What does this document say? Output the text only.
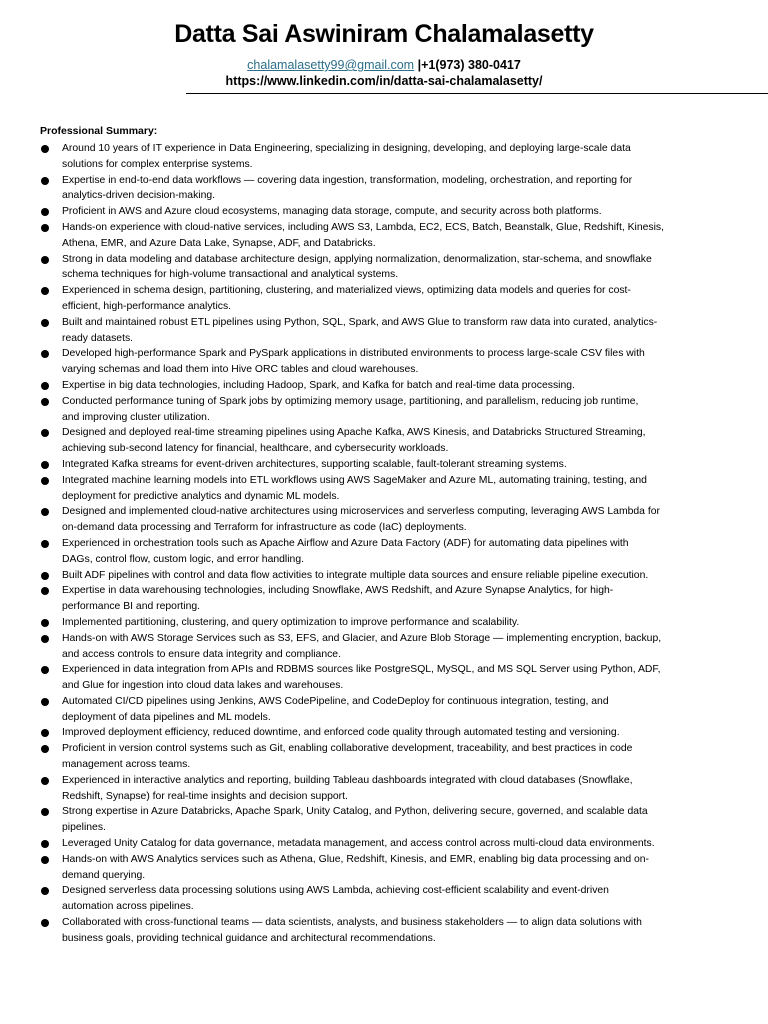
Datta Sai Aswiniram Chalamalasetty
chalamalasetty99@gmail.com |+1(973) 380-0417
https://www.linkedin.com/in/datta-sai-chalamalasetty/
Professional Summary:
Around 10 years of IT experience in Data Engineering, specializing in designing, developing, and deploying large-scale data
solutions for complex enterprise systems.
Expertise in end-to-end data workflows — covering data ingestion, transformation, modeling, orchestration, and reporting for
analytics-driven decision-making.
Proficient in AWS and Azure cloud ecosystems, managing data storage, compute, and security across both platforms.
Hands-on experience with cloud-native services, including AWS S3, Lambda, EC2, ECS, Batch, Beanstalk, Glue, Redshift, Kinesis,
Athena, EMR, and Azure Data Lake, Synapse, ADF, and Databricks.
Strong in data modeling and database architecture design, applying normalization, denormalization, star-schema, and snowflake
schema techniques for high-volume transactional and analytical systems.
Experienced in schema design, partitioning, clustering, and materialized views, optimizing data models and queries for cost-
efficient, high-performance analytics.
Built and maintained robust ETL pipelines using Python, SQL, Spark, and AWS Glue to transform raw data into curated, analytics-
ready datasets.
Developed high-performance Spark and PySpark applications in distributed environments to process large-scale CSV files with
varying schemas and load them into Hive ORC tables and cloud warehouses.
Expertise in big data technologies, including Hadoop, Spark, and Kafka for batch and real-time data processing.
Conducted performance tuning of Spark jobs by optimizing memory usage, partitioning, and parallelism, reducing job runtime,
and improving cluster utilization.
Designed and deployed real-time streaming pipelines using Apache Kafka, AWS Kinesis, and Databricks Structured Streaming,
achieving sub-second latency for financial, healthcare, and cybersecurity workloads.
Integrated Kafka streams for event-driven architectures, supporting scalable, fault-tolerant streaming systems.
Integrated machine learning models into ETL workflows using AWS SageMaker and Azure ML, automating training, testing, and
deployment for predictive analytics and dynamic ML models.
Designed and implemented cloud-native architectures using microservices and serverless computing, leveraging AWS Lambda for
on-demand data processing and Terraform for infrastructure as code (IaC) deployments.
Experienced in orchestration tools such as Apache Airflow and Azure Data Factory (ADF) for automating data pipelines with
DAGs, control flow, custom logic, and error handling.
Built ADF pipelines with control and data flow activities to integrate multiple data sources and ensure reliable pipeline execution.
Expertise in data warehousing technologies, including Snowflake, AWS Redshift, and Azure Synapse Analytics, for high-
performance BI and reporting.
Implemented partitioning, clustering, and query optimization to improve performance and scalability.
Hands-on with AWS Storage Services such as S3, EFS, and Glacier, and Azure Blob Storage — implementing encryption, backup,
and access controls to ensure data integrity and compliance.
Experienced in data integration from APIs and RDBMS sources like PostgreSQL, MySQL, and MS SQL Server using Python, ADF,
and Glue for ingestion into cloud data lakes and warehouses.
Automated CI/CD pipelines using Jenkins, AWS CodePipeline, and CodeDeploy for continuous integration, testing, and
deployment of data pipelines and ML models.
Improved deployment efficiency, reduced downtime, and enforced code quality through automated testing and versioning.
Proficient in version control systems such as Git, enabling collaborative development, traceability, and best practices in code
management across teams.
Experienced in interactive analytics and reporting, building Tableau dashboards integrated with cloud databases (Snowflake,
Redshift, Synapse) for real-time insights and decision support.
Strong expertise in Azure Databricks, Apache Spark, Unity Catalog, and Python, delivering secure, governed, and scalable data
pipelines.
Leveraged Unity Catalog for data governance, metadata management, and access control across multi-cloud data environments.
Hands-on with AWS Analytics services such as Athena, Glue, Redshift, Kinesis, and EMR, enabling big data processing and on-
demand querying.
Designed serverless data processing solutions using AWS Lambda, achieving cost-efficient scalability and event-driven
automation across pipelines.
Collaborated with cross-functional teams — data scientists, analysts, and business stakeholders — to align data solutions with
business goals, providing technical guidance and architectural recommendations.
